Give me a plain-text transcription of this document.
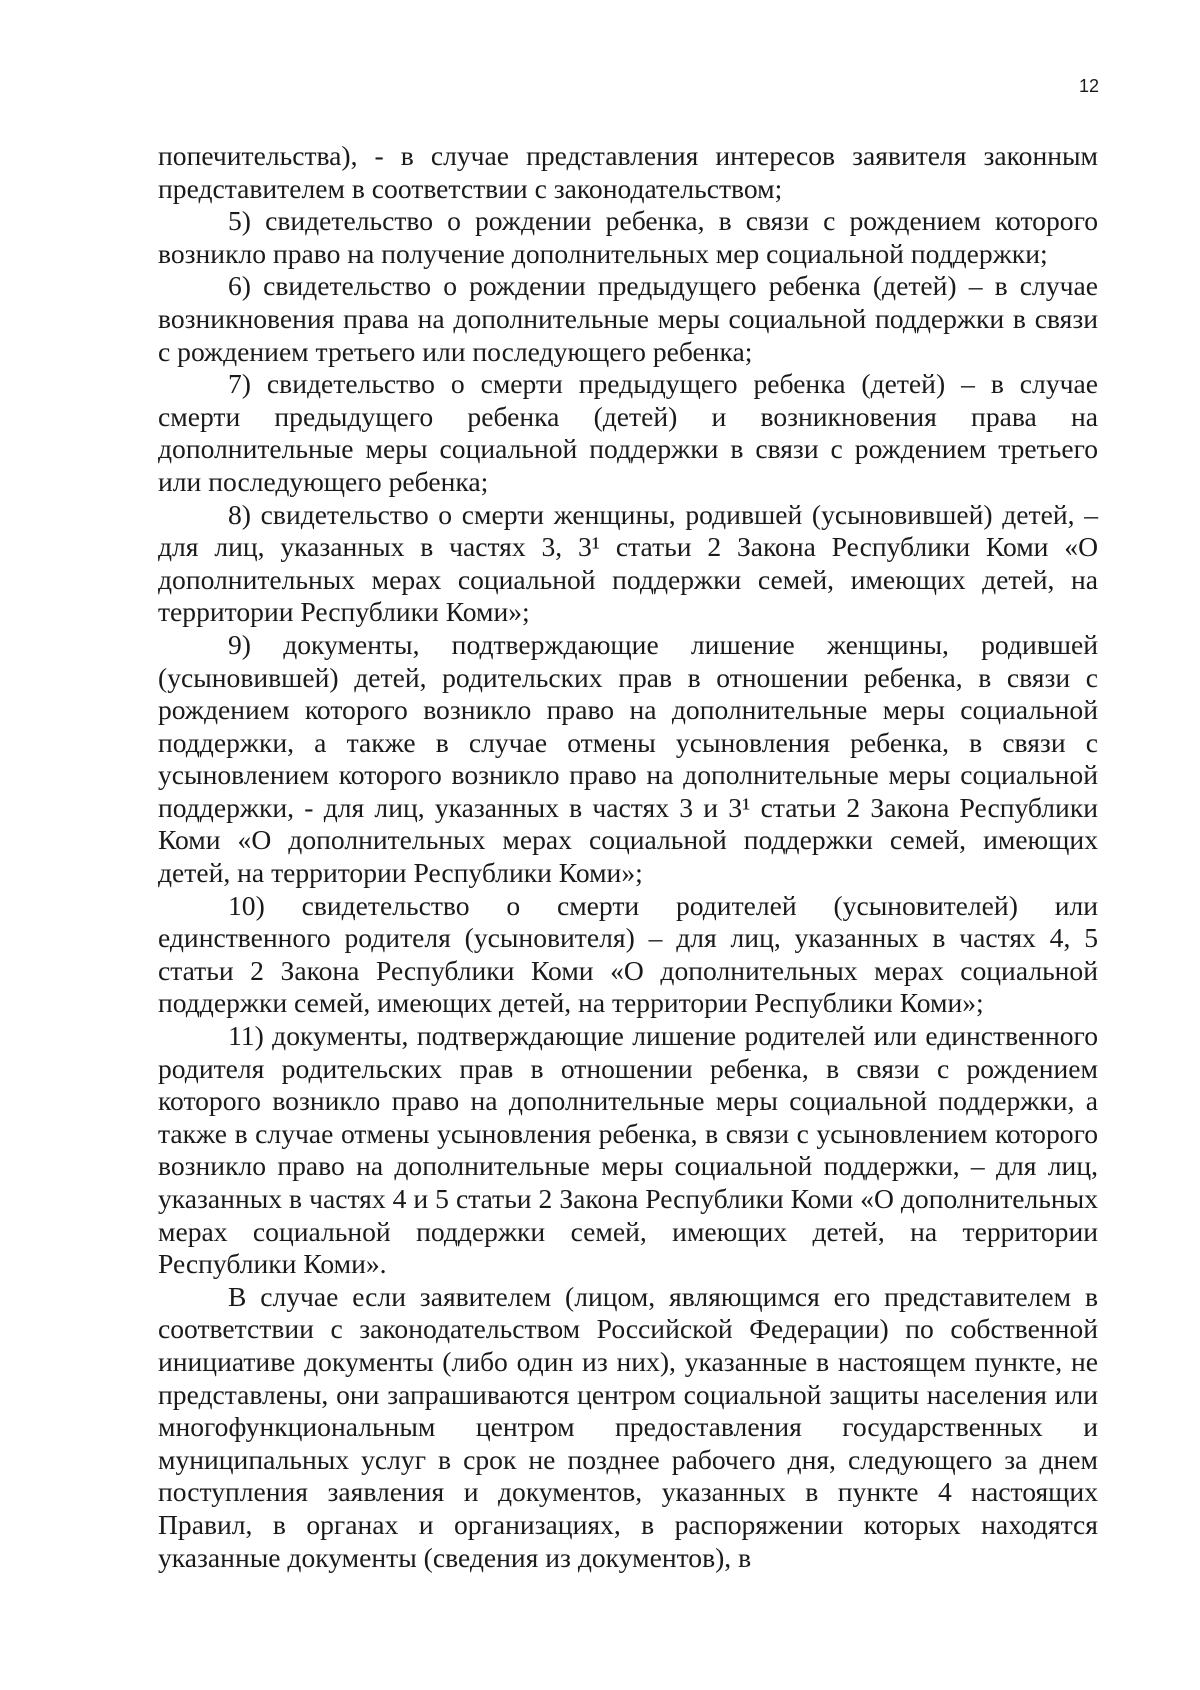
12

попечительства), - в случае представления интересов заявителя законным представителем в соответствии с законодательством;

5) свидетельство о рождении ребенка, в связи с рождением которого возникло право на получение дополнительных мер социальной поддержки;

6) свидетельство о рождении предыдущего ребенка (детей) – в случае возникновения права на дополнительные меры социальной поддержки в связи с рождением третьего или последующего ребенка;

7) свидетельство о смерти предыдущего ребенка (детей) – в случае смерти предыдущего ребенка (детей) и возникновения права на дополнительные меры социальной поддержки в связи с рождением третьего или последующего ребенка;

8) свидетельство о смерти женщины, родившей (усыновившей) детей, – для лиц, указанных в частях 3, 3¹ статьи 2 Закона Республики Коми «О дополнительных мерах социальной поддержки семей, имеющих детей, на территории Республики Коми»;

9) документы, подтверждающие лишение женщины, родившей (усыновившей) детей, родительских прав в отношении ребенка, в связи с рождением которого возникло право на дополнительные меры социальной поддержки, а также в случае отмены усыновления ребенка, в связи с усыновлением которого возникло право на дополнительные меры социальной поддержки, - для лиц, указанных в частях 3 и 3¹ статьи 2 Закона Республики Коми «О дополнительных мерах социальной поддержки семей, имеющих детей, на территории Республики Коми»;

10) свидетельство о смерти родителей (усыновителей) или единственного родителя (усыновителя) – для лиц, указанных в частях 4, 5 статьи 2 Закона Республики Коми «О дополнительных мерах социальной поддержки семей, имеющих детей, на территории Республики Коми»;

11) документы, подтверждающие лишение родителей или единственного родителя родительских прав в отношении ребенка, в связи с рождением которого возникло право на дополнительные меры социальной поддержки, а также в случае отмены усыновления ребенка, в связи с усыновлением которого возникло право на дополнительные меры социальной поддержки, – для лиц, указанных в частях 4 и 5 статьи 2 Закона Республики Коми «О дополнительных мерах социальной поддержки семей, имеющих детей, на территории Республики Коми».

В случае если заявителем (лицом, являющимся его представителем в соответствии с законодательством Российской Федерации) по собственной инициативе документы (либо один из них), указанные в настоящем пункте, не представлены, они запрашиваются центром социальной защиты населения или многофункциональным центром предоставления государственных и муниципальных услуг в срок не позднее рабочего дня, следующего за днем поступления заявления и документов, указанных в пункте 4 настоящих Правил, в органах и организациях, в распоряжении которых находятся указанные документы (сведения из документов), в
